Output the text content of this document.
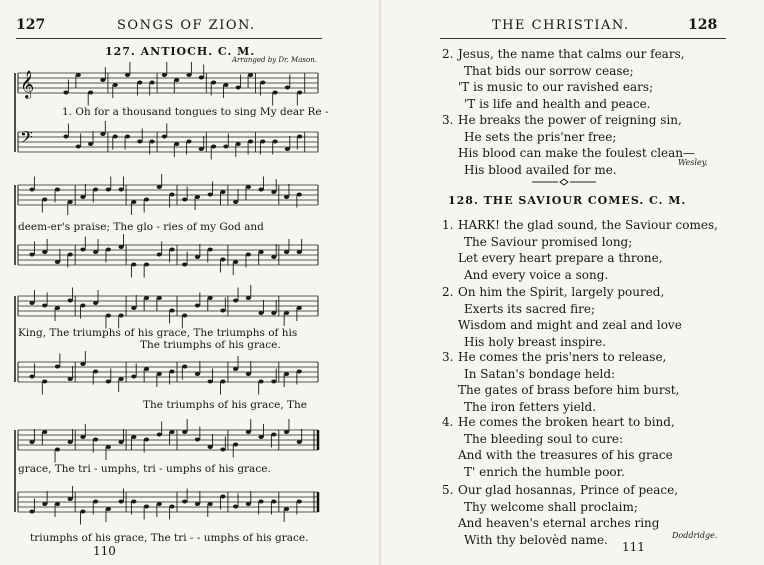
127	SONGS OF ZION.
127. ANTIOCH. C. M.
Arranged by Dr. Mason.
𝄞
𝄢
1. Oh for a thousand tongues to sing My dear Re -
deem-er's praise; The glo - ries of my God and
King, The triumphs of his grace, The triumphs of his
The triumphs of his grace.
The triumphs of his grace, The
grace, The tri - umphs, tri - umphs of his grace.
triumphs of his grace, The tri - - umphs of his grace.
110
THE CHRISTIAN.	128
2. Jesus, the name that calms our fears,
That bids our sorrow cease;
'T is music to our ravished ears;
'T is life and health and peace.
3. He breaks the power of reigning sin,
He sets the pris'ner free;
His blood can make the foulest clean—
His blood availed for me.	Wesley.
128. THE SAVIOUR COMES. C. M.
1. HARK! the glad sound, the Saviour comes,
The Saviour promised long;
Let every heart prepare a throne,
And every voice a song.
2. On him the Spirit, largely poured,
Exerts its sacred fire;
Wisdom and might and zeal and love
His holy breast inspire.
3. He comes the pris'ners to release,
In Satan's bondage held:
The gates of brass before him burst,
The iron fetters yield.
4. He comes the broken heart to bind,
The bleeding soul to cure:
And with the treasures of his grace
T' enrich the humble poor.
5. Our glad hosannas, Prince of peace,
Thy welcome shall proclaim;
And heaven's eternal arches ring
With thy belovèd name.	Doddridge.
111
